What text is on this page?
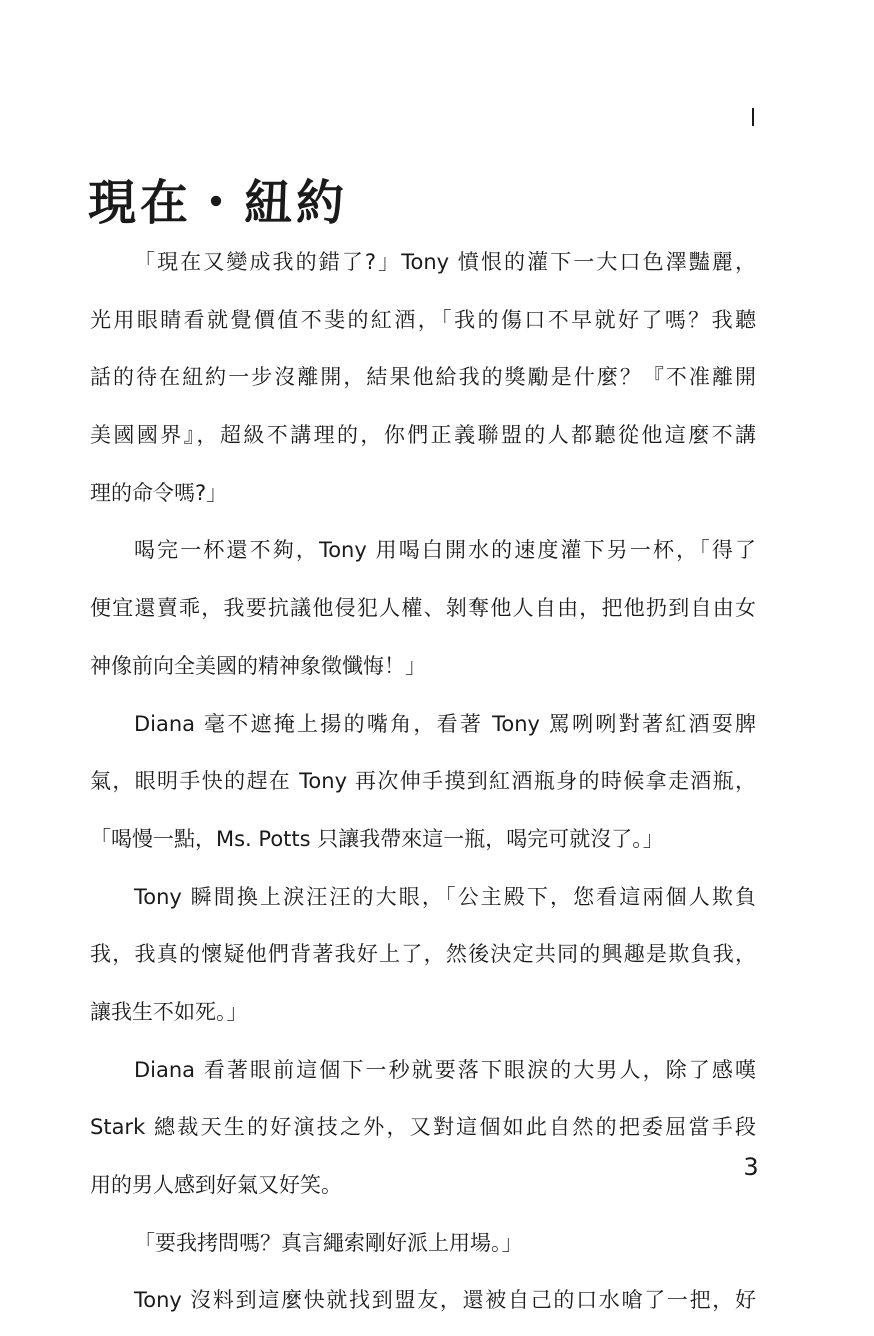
現在・紐約
「現在又變成我的錯了?」Tony 憤恨的灌下一大口色澤豔麗，
光用眼睛看就覺價值不斐的紅酒，「我的傷口不早就好了嗎？我聽
話的待在紐約一步沒離開，結果他給我的獎勵是什麼？『不准離開
美國國界』，超級不講理的，你們正義聯盟的人都聽從他這麼不講
理的命令嗎?」
喝完一杯還不夠，Tony 用喝白開水的速度灌下另一杯，「得了
便宜還賣乖，我要抗議他侵犯人權、剝奪他人自由，把他扔到自由女
神像前向全美國的精神象徵懺悔！」
Diana 毫不遮掩上揚的嘴角，看著 Tony 罵咧咧對著紅酒耍脾
氣，眼明手快的趕在 Tony 再次伸手摸到紅酒瓶身的時候拿走酒瓶，
「喝慢一點，Ms. Potts 只讓我帶來這一瓶，喝完可就沒了。」
Tony 瞬間換上淚汪汪的大眼，「公主殿下，您看這兩個人欺負
我，我真的懷疑他們背著我好上了，然後決定共同的興趣是欺負我，
讓我生不如死。」
Diana 看著眼前這個下一秒就要落下眼淚的大男人，除了感嘆
Stark 總裁天生的好演技之外，又對這個如此自然的把委屈當手段
用的男人感到好氣又好笑。
「要我拷問嗎？真言繩索剛好派上用場。」
Tony 沒料到這麼快就找到盟友，還被自己的口水嗆了一把，好
3
